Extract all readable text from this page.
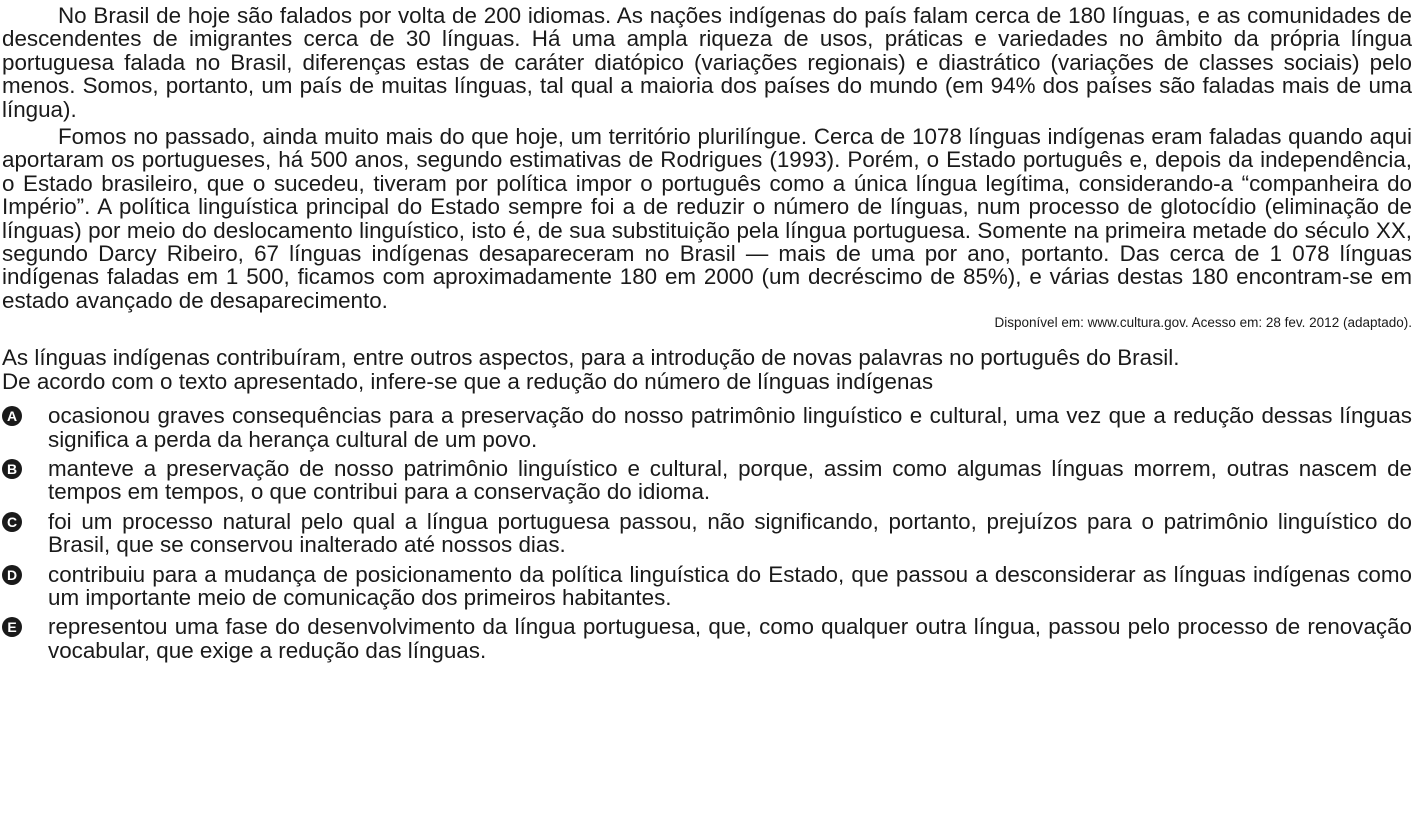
No Brasil de hoje são falados por volta de 200 idiomas. As nações indígenas do país falam cerca de 180 línguas, e as comunidades de descendentes de imigrantes cerca de 30 línguas. Há uma ampla riqueza de usos, práticas e variedades no âmbito da própria língua portuguesa falada no Brasil, diferenças estas de caráter diatópico (variações regionais) e diastrático (variações de classes sociais) pelo menos. Somos, portanto, um país de muitas línguas, tal qual a maioria dos países do mundo (em 94% dos países são faladas mais de uma língua).

Fomos no passado, ainda muito mais do que hoje, um território plurilíngue. Cerca de 1078 línguas indígenas eram faladas quando aqui aportaram os portugueses, há 500 anos, segundo estimativas de Rodrigues (1993). Porém, o Estado português e, depois da independência, o Estado brasileiro, que o sucedeu, tiveram por política impor o português como a única língua legítima, considerando-a “companheira do Império”. A política linguística principal do Estado sempre foi a de reduzir o número de línguas, num processo de glotocídio (eliminação de línguas) por meio do deslocamento linguístico, isto é, de sua substituição pela língua portuguesa. Somente na primeira metade do século XX, segundo Darcy Ribeiro, 67 línguas indígenas desapareceram no Brasil — mais de uma por ano, portanto. Das cerca de 1 078 línguas indígenas faladas em 1 500, ficamos com aproximadamente 180 em 2000 (um decréscimo de 85%), e várias destas 180 encontram-se em estado avançado de desaparecimento.

Disponível em: www.cultura.gov. Acesso em: 28 fev. 2012 (adaptado).
As línguas indígenas contribuíram, entre outros aspectos, para a introdução de novas palavras no português do Brasil.
De acordo com o texto apresentado, infere-se que a redução do número de línguas indígenas
A ocasionou graves consequências para a preservação do nosso patrimônio linguístico e cultural, uma vez que a redução dessas línguas significa a perda da herança cultural de um povo.
B manteve a preservação de nosso patrimônio linguístico e cultural, porque, assim como algumas línguas morrem, outras nascem de tempos em tempos, o que contribui para a conservação do idioma.
C foi um processo natural pelo qual a língua portuguesa passou, não significando, portanto, prejuízos para o patrimônio linguístico do Brasil, que se conservou inalterado até nossos dias.
D contribuiu para a mudança de posicionamento da política linguística do Estado, que passou a desconsiderar as línguas indígenas como um importante meio de comunicação dos primeiros habitantes.
E representou uma fase do desenvolvimento da língua portuguesa, que, como qualquer outra língua, passou pelo processo de renovação vocabular, que exige a redução das línguas.
